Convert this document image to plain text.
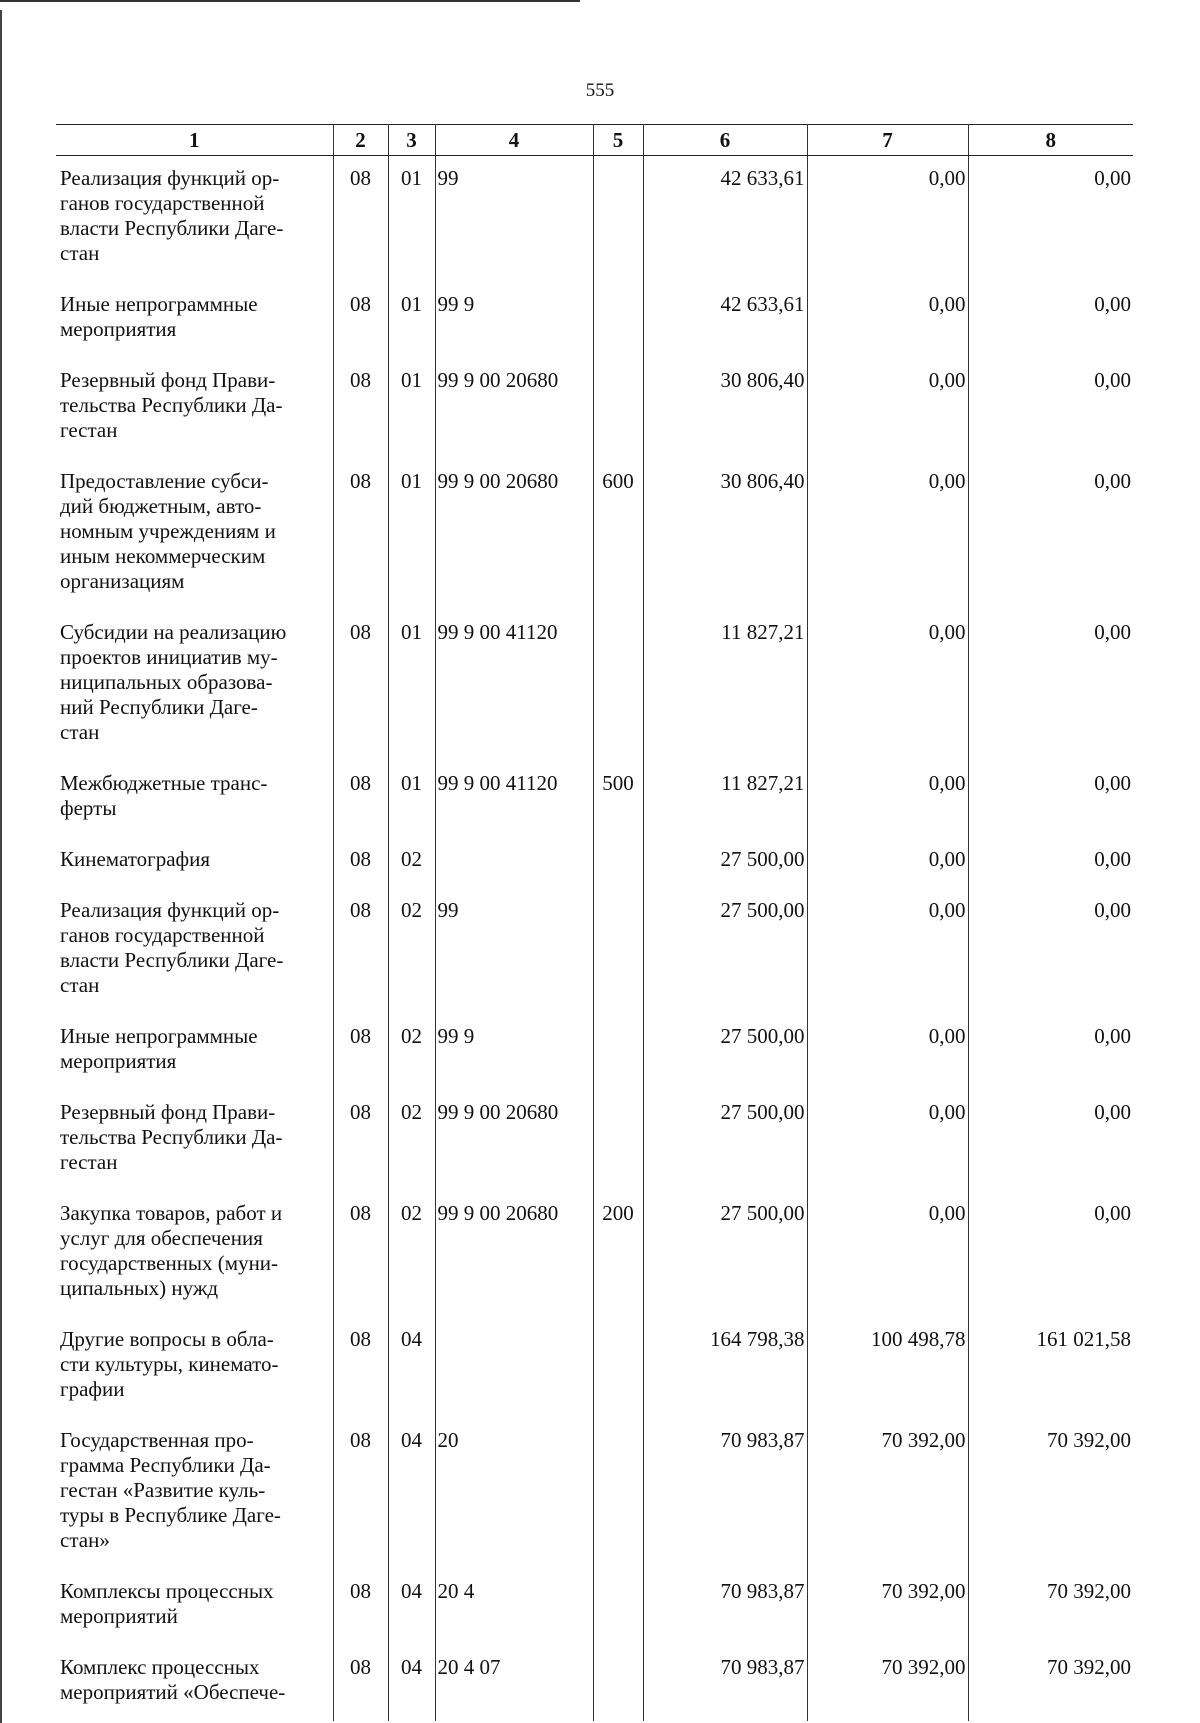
555
1	2	3	4	5	6	7	8

Реализация функций ор-
ганов государственной
власти Республики Даге-
стан	08	01	99		42 633,61	0,00	0,00

Иные непрограммные
мероприятия	08	01	99 9		42 633,61	0,00	0,00

Резервный фонд Прави-
тельства Республики Да-
гестан	08	01	99 9 00 20680		30 806,40	0,00	0,00

Предоставление субси-
дий бюджетным, авто-
номным учреждениям и
иным некоммерческим
организациям	08	01	99 9 00 20680	600	30 806,40	0,00	0,00

Субсидии на реализацию
проектов инициатив му-
ниципальных образова-
ний Республики Даге-
стан	08	01	99 9 00 41120		11 827,21	0,00	0,00

Межбюджетные транс-
ферты	08	01	99 9 00 41120	500	11 827,21	0,00	0,00

Кинематография	08	02			27 500,00	0,00	0,00

Реализация функций ор-
ганов государственной
власти Республики Даге-
стан	08	02	99		27 500,00	0,00	0,00

Иные непрограммные
мероприятия	08	02	99 9		27 500,00	0,00	0,00

Резервный фонд Прави-
тельства Республики Да-
гестан	08	02	99 9 00 20680		27 500,00	0,00	0,00

Закупка товаров, работ и
услуг для обеспечения
государственных (муни-
ципальных) нужд	08	02	99 9 00 20680	200	27 500,00	0,00	0,00

Другие вопросы в обла-
сти культуры, кинемато-
графии	08	04			164 798,38	100 498,78	161 021,58

Государственная про-
грамма Республики Да-
гестан «Развитие куль-
туры в Республике Даге-
стан»	08	04	20		70 983,87	70 392,00	70 392,00

Комплексы процессных
мероприятий	08	04	20 4		70 983,87	70 392,00	70 392,00

Комплекс процессных
мероприятий «Обеспече-	08	04	20 4 07		70 983,87	70 392,00	70 392,00
